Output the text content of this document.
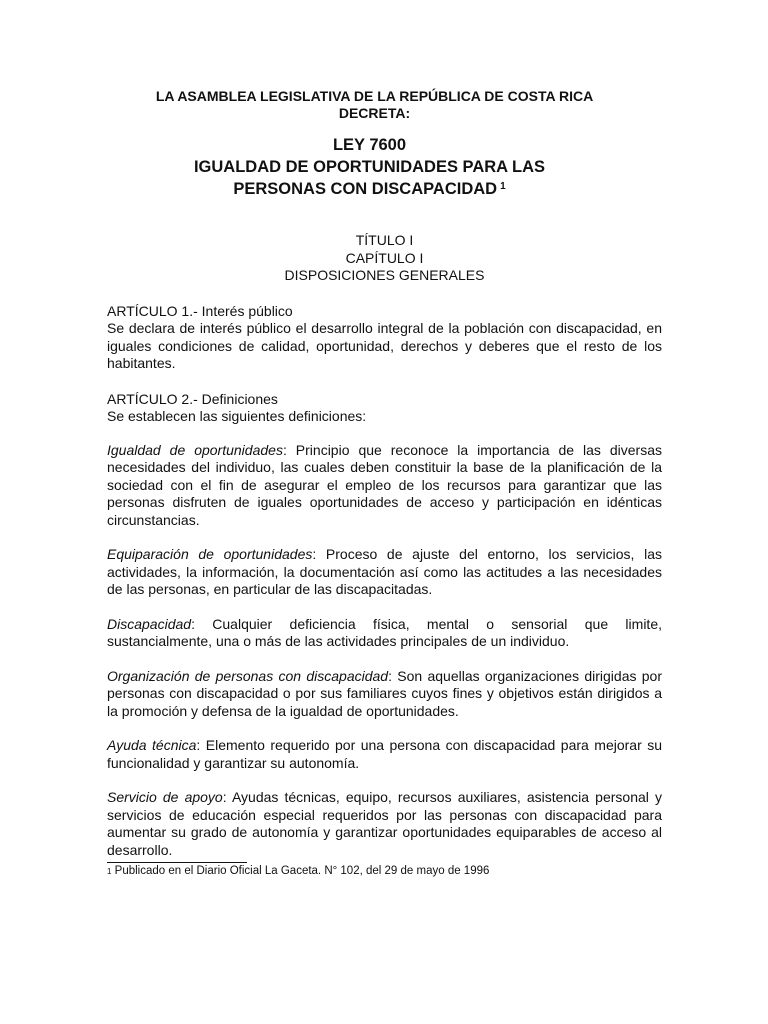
LA ASAMBLEA LEGISLATIVA DE LA REPÚBLICA DE COSTA RICA
DECRETA:
LEY 7600
IGUALDAD DE OPORTUNIDADES PARA LAS
PERSONAS CON DISCAPACIDAD $^1$
TÍTULO I
CAPÍTULO I
DISPOSICIONES GENERALES
ARTÍCULO 1.- Interés público
Se declara de interés público el desarrollo integral de la población con discapacidad, en iguales condiciones de calidad, oportunidad, derechos y deberes que el resto de los habitantes.
ARTÍCULO 2.- Definiciones
Se establecen las siguientes definiciones:
Igualdad de oportunidades: Principio que reconoce la importancia de las diversas necesidades del individuo, las cuales deben constituir la base de la planificación de la sociedad con el fin de asegurar el empleo de los recursos para garantizar que las personas disfruten de iguales oportunidades de acceso y participación en idénticas circunstancias.
Equiparación de oportunidades: Proceso de ajuste del entorno, los servicios, las actividades, la información, la documentación así como las actitudes a las necesidades de las personas, en particular de las discapacitadas.
Discapacidad: Cualquier deficiencia física, mental o sensorial que limite, sustancialmente, una o más de las actividades principales de un individuo.
Organización de personas con discapacidad: Son aquellas organizaciones dirigidas por personas con discapacidad o por sus familiares cuyos fines y objetivos están dirigidos a la promoción y defensa de la igualdad de oportunidades.
Ayuda técnica: Elemento requerido por una persona con discapacidad para mejorar su funcionalidad y garantizar su autonomía.
Servicio de apoyo: Ayudas técnicas, equipo, recursos auxiliares, asistencia personal y servicios de educación especial requeridos por las personas con discapacidad para aumentar su grado de autonomía y garantizar oportunidades equiparables de acceso al desarrollo.
$^1$ Publicado en el Diario Oficial La Gaceta. N° 102, del 29 de mayo de 1996
